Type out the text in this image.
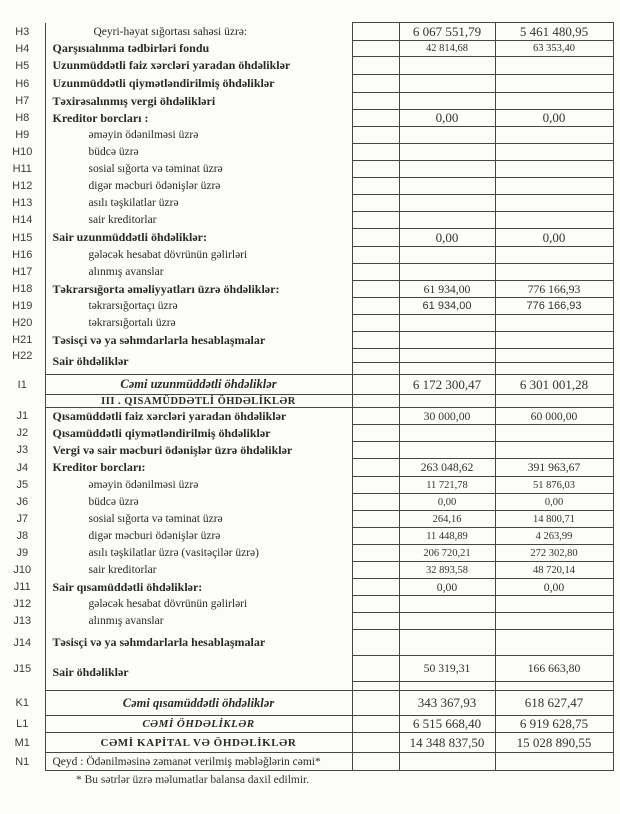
H3	Qeyri-həyat sığortası sahəsi üzrə:		6 067 551,79	5 461 480,95
H4	Qarşısıalınma tədbirləri fondu		42 814,68	63 353,40
H5	Uzunmüddətli faiz xərcləri yaradan öhdəliklər			
H6	Uzunmüddətli qiymətləndirilmiş öhdəliklər			
H7	Təxirəsalınmış vergi öhdəlikləri			
H8	Kreditor borcları :		0,00	0,00
H9	əməyin ödənilməsi üzrə			
H10	büdcə üzrə			
H11	sosial sığorta və təminat üzrə			
H12	digər məcburi ödənişlər üzrə			
H13	asılı təşkilatlar üzrə			
H14	sair kreditorlar			
H15	Sair uzunmüddətli öhdəliklər:		0,00	0,00
H16	gələcək hesabat dövrünün gəlirləri			
H17	alınmış avanslar			
H18	Təkrarsığorta əməliyyatları üzrə öhdəliklər:		61 934,00	776 166,93
H19	təkrarsığortaçı üzrə		61 934,00	776 166,93
H20	təkrarsığortalı üzrə			
H21	Təsisçi və ya səhmdarlarla hesablaşmalar			
H22	Sair öhdəliklər			

I1	Cəmi uzunmüddətli öhdəliklər		6 172 300,47	6 301 001,28
	III . QISAMÜDDƏTLİ ÖHDƏLİKLƏR			
J1	Qısamüddətli faiz xərcləri yaradan öhdəliklər		30 000,00	60 000,00
J2	Qısamüddətli qiymətləndirilmiş öhdəliklər			
J3	Vergi və sair məcburi ödənişlər üzrə öhdəliklər			
J4	Kreditor borcları:		263 048,62	391 963,67
J5	əməyin ödənilməsi üzrə		11 721,78	51 876,03
J6	büdcə üzrə		0,00	0,00
J7	sosial sığorta və təminat üzrə		264,16	14 800,71
J8	digər məcburi ödənişlər üzrə		11 448,89	4 263,99
J9	asılı təşkilatlar üzrə (vasitəçilər üzrə)		206 720,21	272 302,80
J10	sair kreditorlar		32 893,58	48 720,14
J11	Sair qısamüddətli öhdəliklər:		0,00	0,00
J12	gələcək hesabat dövrünün gəlirləri			
J13	alınmış avanslar			
J14	Təsisçi və ya səhmdarlarla hesablaşmalar			
J15	Sair öhdəliklər		50 319,31	166 663,80

K1	Cəmi qısamüddətli öhdəliklər		343 367,93	618 627,47
L1	CƏMİ ÖHDƏLİKLƏR		6 515 668,40	6 919 628,75
M1	CƏMİ KAPİTAL VƏ ÖHDƏLİKLƏR		14 348 837,50	15 028 890,55
N1	Qeyd : Ödənilməsinə zəmanət verilmiş məbləğlərin cəmi*			
* Bu sətrlər üzrə məlumatlar balansa daxil edilmir.
